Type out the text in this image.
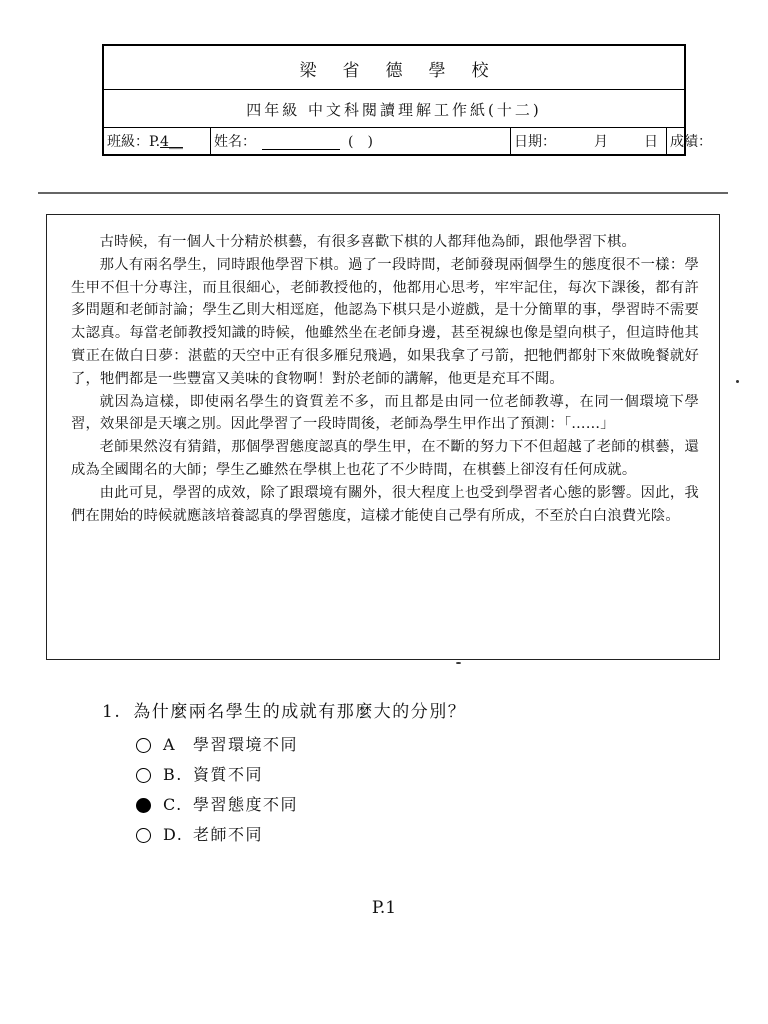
梁省德學校
四年級 中文科閱讀理解工作紙(十二)
班級：P.4__	姓名：	(　)	日期：	月	日 成績：

古時候，有一個人十分精於棋藝，有很多喜歡下棋的人都拜他為師，跟他學習下棋。

那人有兩名學生，同時跟他學習下棋。過了一段時間，老師發現兩個學生的態度很不一樣：學生甲不但十分專注，而且很細心，老師教授他的，他都用心思考，牢牢記住，每次下課後，都有許多問題和老師討論；學生乙則大相逕庭，他認為下棋只是小遊戲，是十分簡單的事，學習時不需要太認真。每當老師教授知識的時候，他雖然坐在老師身邊，甚至視線也像是望向棋子，但這時他其實正在做白日夢：湛藍的天空中正有很多雁兒飛過，如果我拿了弓箭，把牠們都射下來做晚餐就好了，牠們都是一些豐富又美味的食物啊！對於老師的講解，他更是充耳不聞。

就因為這樣，即使兩名學生的資質差不多，而且都是由同一位老師教導，在同一個環境下學習，效果卻是天壤之別。因此學習了一段時間後，老師為學生甲作出了預測：「……」

老師果然沒有猜錯，那個學習態度認真的學生甲，在不斷的努力下不但超越了老師的棋藝，還成為全國聞名的大師；學生乙雖然在學棋上也花了不少時間，在棋藝上卻沒有任何成就。

由此可見，學習的成效，除了跟環境有關外，很大程度上也受到學習者心態的影響。因此，我們在開始的時候就應該培養認真的學習態度，這樣才能使自己學有所成，不至於白白浪費光陰。

1. 為什麼兩名學生的成就有那麼大的分別？
A	學習環境不同
B. 資質不同
C. 學習態度不同
D. 老師不同
P.1
